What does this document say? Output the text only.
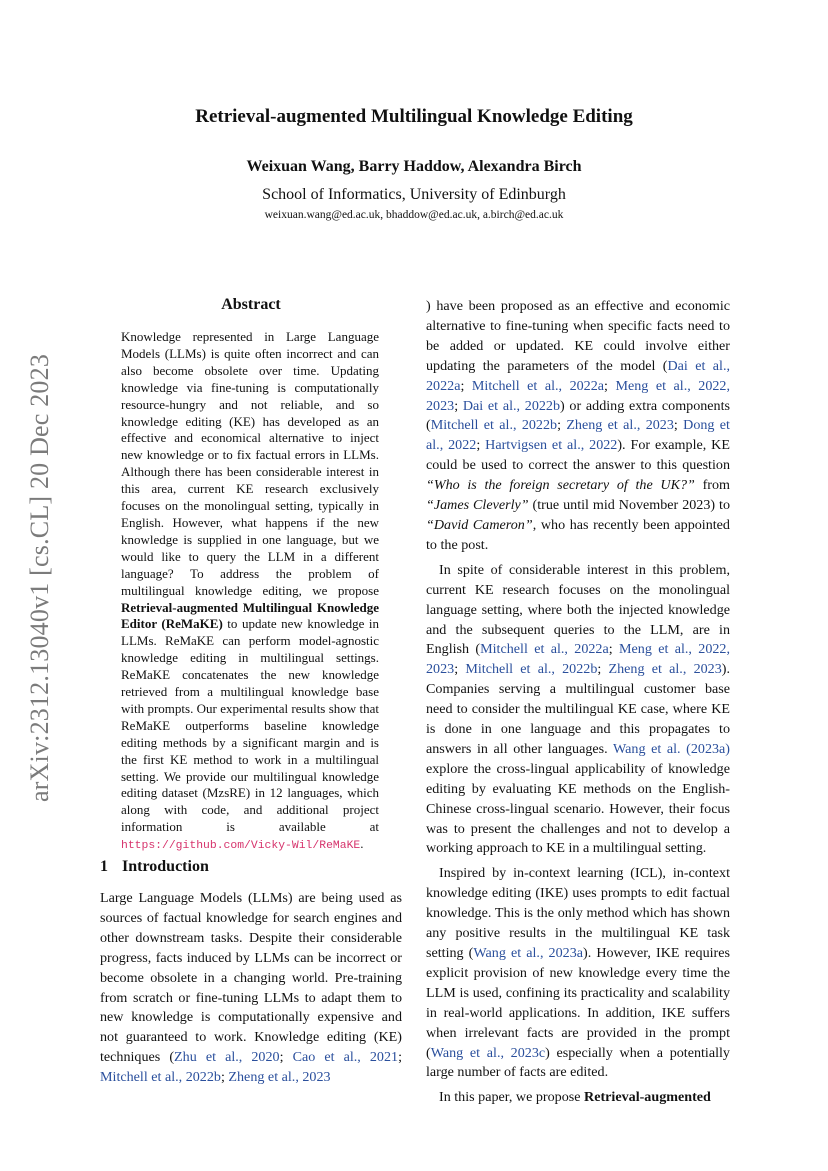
arXiv:2312.13040v1 [cs.CL] 20 Dec 2023
Retrieval-augmented Multilingual Knowledge Editing
Weixuan Wang, Barry Haddow, Alexandra Birch
School of Informatics, University of Edinburgh
weixuan.wang@ed.ac.uk, bhaddow@ed.ac.uk, a.birch@ed.ac.uk
Abstract
Knowledge represented in Large Language Models (LLMs) is quite often incorrect and can also become obsolete over time. Updating knowledge via fine-tuning is computationally resource-hungry and not reliable, and so knowledge editing (KE) has developed as an effective and economical alternative to inject new knowledge or to fix factual errors in LLMs. Although there has been considerable interest in this area, current KE research exclusively focuses on the monolingual setting, typically in English. However, what happens if the new knowledge is supplied in one language, but we would like to query the LLM in a different language? To address the problem of multilingual knowledge editing, we propose Retrieval-augmented Multilingual Knowledge Editor (ReMaKE) to update new knowledge in LLMs. ReMaKE can perform model-agnostic knowledge editing in multilingual settings. ReMaKE concatenates the new knowledge retrieved from a multilingual knowledge base with prompts. Our experimental results show that ReMaKE outperforms baseline knowledge editing methods by a significant margin and is the first KE method to work in a multilingual setting. We provide our multilingual knowledge editing dataset (MzsRE) in 12 languages, which along with code, and additional project information is available at https://github.com/Vicky-Wil/ReMaKE.
1 Introduction

Large Language Models (LLMs) are being used as sources of factual knowledge for search engines and other downstream tasks. Despite their considerable progress, facts induced by LLMs can be incorrect or become obsolete in a changing world. Pre-training from scratch or fine-tuning LLMs to adapt them to new knowledge is computationally expensive and not guaranteed to work. Knowledge editing (KE) techniques (Zhu et al., 2020; Cao et al., 2021; Mitchell et al., 2022b; Zheng et al., 2023

) have been proposed as an effective and economic alternative to fine-tuning when specific facts need to be added or updated. KE could involve either updating the parameters of the model (Dai et al., 2022a; Mitchell et al., 2022a; Meng et al., 2022, 2023; Dai et al., 2022b) or adding extra components (Mitchell et al., 2022b; Zheng et al., 2023; Dong et al., 2022; Hartvigsen et al., 2022). For example, KE could be used to correct the answer to this question “Who is the foreign secretary of the UK?” from “James Cleverly” (true until mid November 2023) to “David Cameron”, who has recently been appointed to the post.

In spite of considerable interest in this problem, current KE research focuses on the monolingual language setting, where both the injected knowledge and the subsequent queries to the LLM, are in English (Mitchell et al., 2022a; Meng et al., 2022, 2023; Mitchell et al., 2022b; Zheng et al., 2023). Companies serving a multilingual customer base need to consider the multilingual KE case, where KE is done in one language and this propagates to answers in all other languages. Wang et al. (2023a) explore the cross-lingual applicability of knowledge editing by evaluating KE methods on the English-Chinese cross-lingual scenario. However, their focus was to present the challenges and not to develop a working approach to KE in a multilingual setting.

Inspired by in-context learning (ICL), in-context knowledge editing (IKE) uses prompts to edit factual knowledge. This is the only method which has shown any positive results in the multilingual KE task setting (Wang et al., 2023a). However, IKE requires explicit provision of new knowledge every time the LLM is used, confining its practicality and scalability in real-world applications. In addition, IKE suffers when irrelevant facts are provided in the prompt (Wang et al., 2023c) especially when a potentially large number of facts are edited.

In this paper, we propose Retrieval-augmented
